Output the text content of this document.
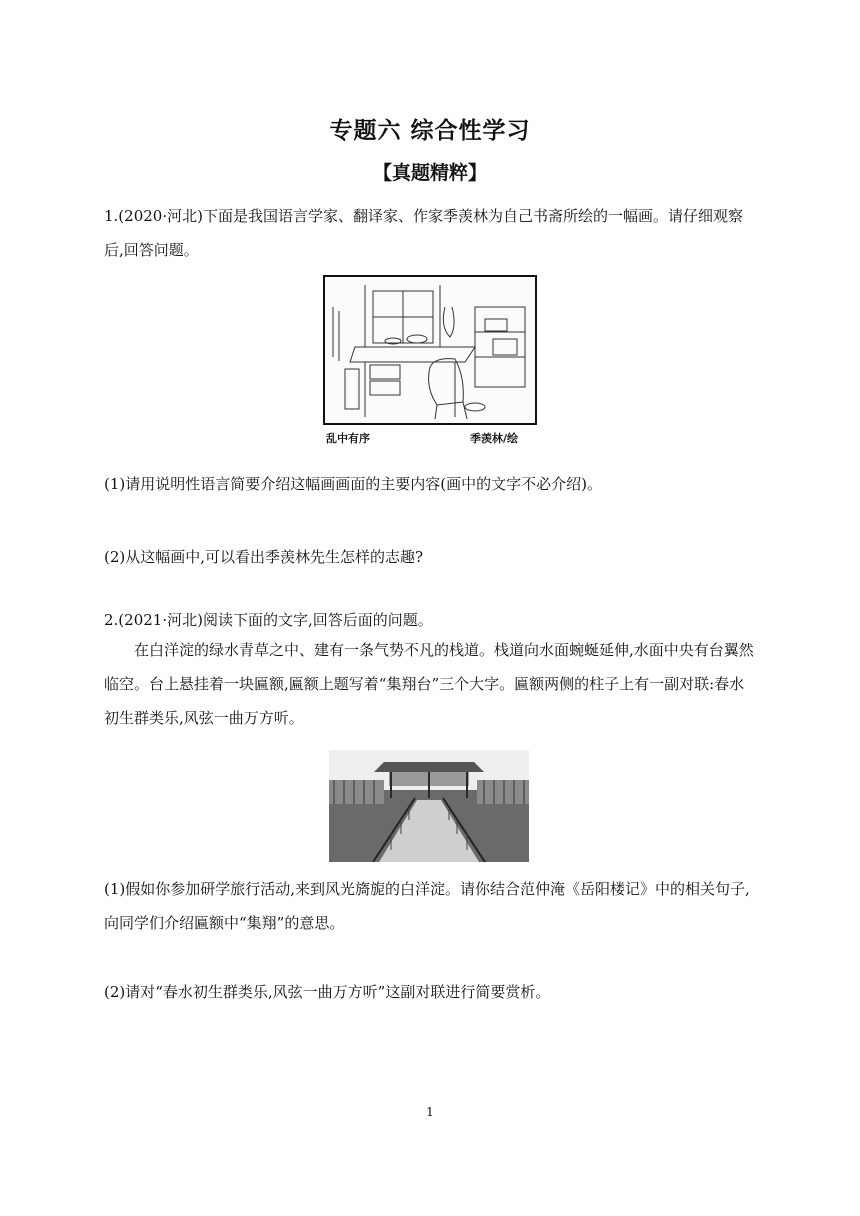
专题六 综合性学习
【真题精粹】
1.(2020·河北)下面是我国语言学家、翻译家、作家季羡林为自己书斋所绘的一幅画。请仔细观察后,回答问题。
乱中有序	季羡林/绘
(1)请用说明性语言简要介绍这幅画画面的主要内容(画中的文字不必介绍)。
(2)从这幅画中,可以看出季羡林先生怎样的志趣?
2.(2021·河北)阅读下面的文字,回答后面的问题。
在白洋淀的绿水青草之中、建有一条气势不凡的栈道。栈道向水面蜿蜒延伸,水面中央有台翼然临空。台上悬挂着一块匾额,匾额上题写着“集翔台”三个大字。匾额两侧的柱子上有一副对联:春水初生群类乐,风弦一曲万方听。
(1)假如你参加研学旅行活动,来到风光旖旎的白洋淀。请你结合范仲淹《岳阳楼记》中的相关句子,向同学们介绍匾额中“集翔”的意思。
(2)请对“春水初生群类乐,风弦一曲万方听”这副对联进行简要赏析。
1
